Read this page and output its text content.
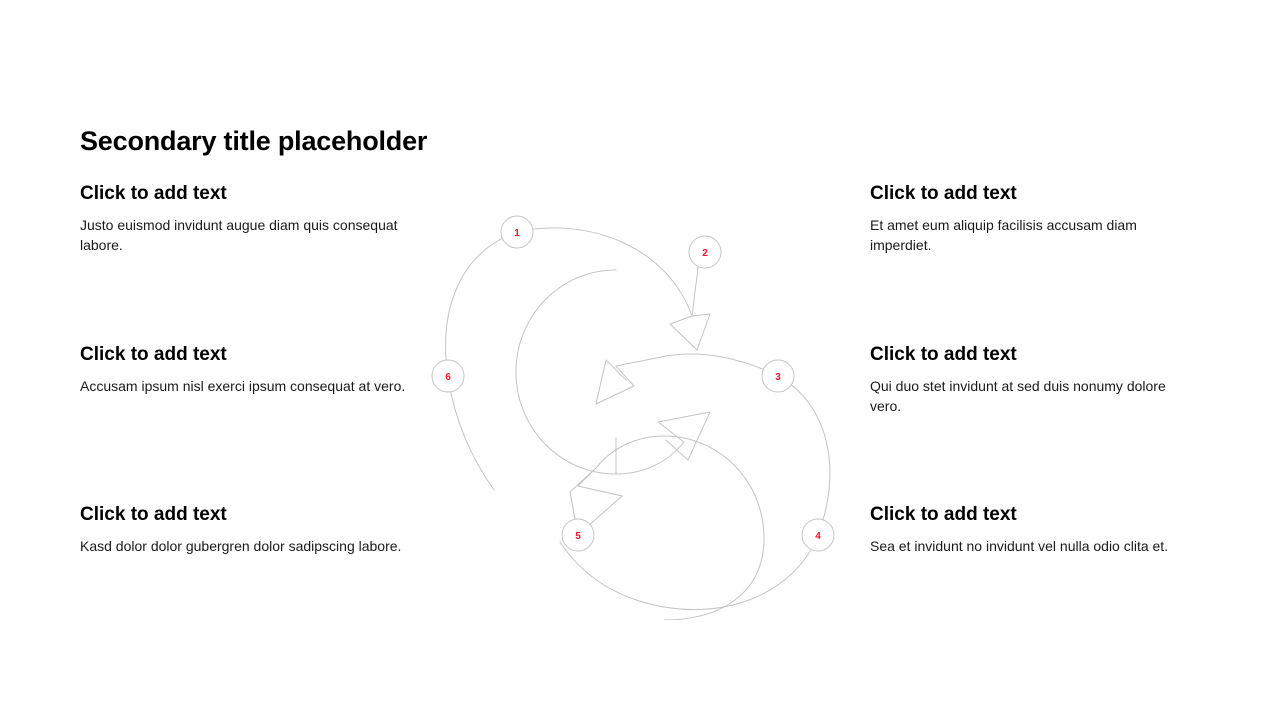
Secondary title placeholder

Click to add text

Justo euismod invidunt augue diam quis consequat labore.

Click to add text

Accusam ipsum nisl exerci ipsum consequat at vero.

Click to add text

Kasd dolor dolor gubergren dolor sadipscing labore.

Click to add text

Et amet eum aliquip facilisis accusam diam imperdiet.

Click to add text

Qui duo stet invidunt at sed duis nonumy dolore vero.

Click to add text

Sea et invidunt no invidunt vel nulla odio clita et.

1
2
3
4
5
6
